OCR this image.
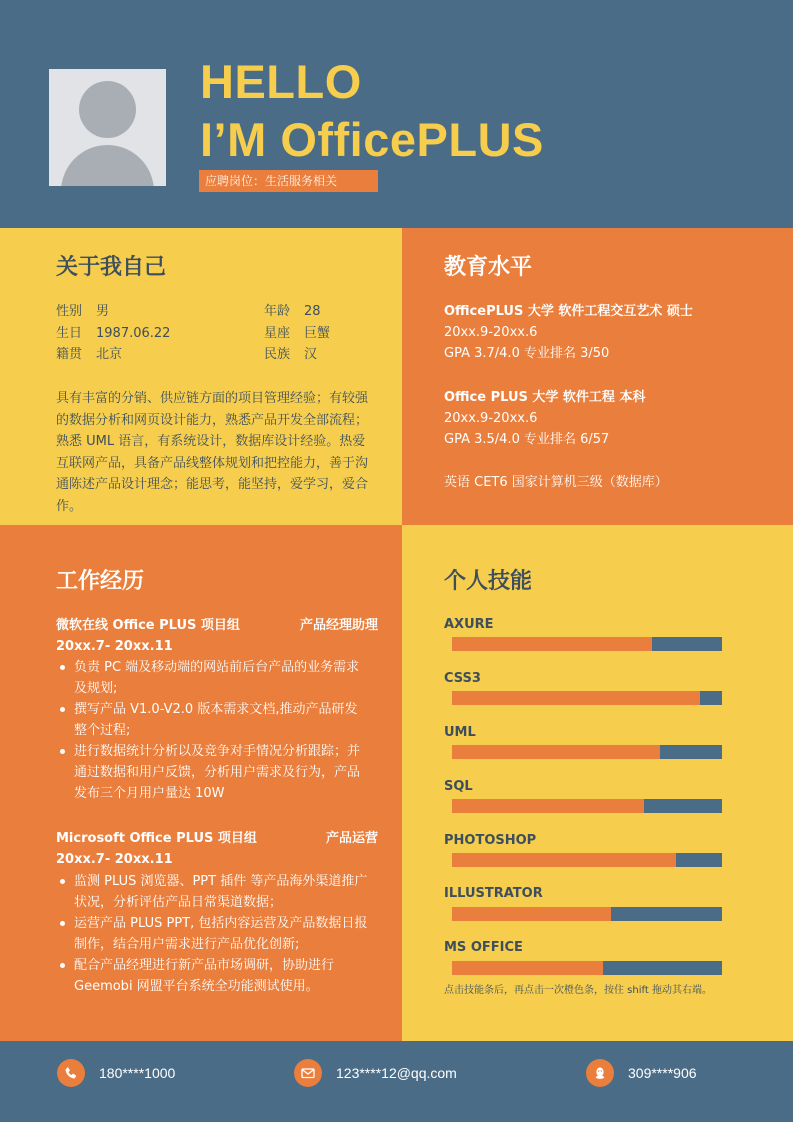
HELLO
I’M OfficePLUS
应聘岗位：生活服务相关
关于我自己
性别 男	年龄 28
生日 1987.06.22	星座 巨蟹
籍贯 北京	民族 汉
具有丰富的分销、供应链方面的项目管理经验；有较强的数据分析和网页设计能力，熟悉产品开发全部流程；熟悉 UML 语言，有系统设计，数据库设计经验。热爱互联网产品，具备产品线整体规划和把控能力，善于沟通陈述产品设计理念；能思考，能坚持，爱学习，爱合作。
教育水平
OfficePLUS 大学 软件工程交互艺术 硕士
20xx.9-20xx.6
GPA 3.7/4.0 专业排名 3/50
Office PLUS 大学 软件工程 本科
20xx.9-20xx.6
GPA 3.5/4.0 专业排名 6/57
英语 CET6 国家计算机三级（数据库）
工作经历
微软在线 Office PLUS 项目组	产品经理助理
20xx.7- 20xx.11
负责 PC 端及移动端的网站前后台产品的业务需求及规划;
撰写产品 V1.0-V2.0 版本需求文档,推动产品研发整个过程;
进行数据统计分析以及竞争对手情况分析跟踪；并通过数据和用户反馈，分析用户需求及行为，产品发布三个月用户量达 10W
Microsoft Office PLUS 项目组	产品运营
20xx.7- 20xx.11
监测 PLUS 浏览器、PPT 插件 等产品海外渠道推广状况，分析评估产品日常渠道数据；
运营产品 PLUS PPT, 包括内容运营及产品数据日报制作，结合用户需求进行产品优化创新;
配合产品经理进行新产品市场调研，协助进行 Geemobi 网盟平台系统全功能测试使用。
个人技能
AXURE
CSS3
UML
SQL
PHOTOSHOP
ILLUSTRATOR
MS OFFICE
点击技能条后，再点击一次橙色条，按住 shift 拖动其右端。
180****1000	123****12@qq.com	309****906
